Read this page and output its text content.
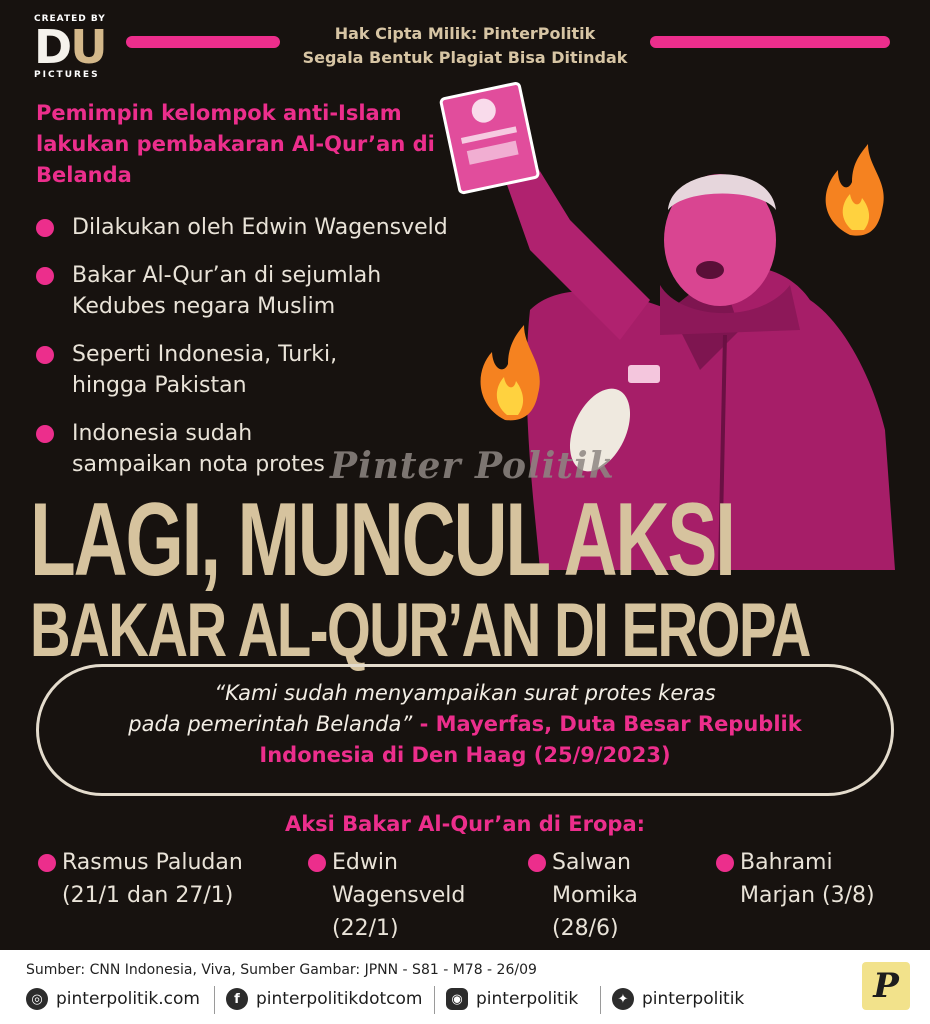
CREATED BY
DU
PICTURES
Hak Cipta Milik: PinterPolitik
Segala Bentuk Plagiat Bisa Ditindak
Pemimpin kelompok anti-Islam lakukan pembakaran Al-Qur’an di Belanda
Dilakukan oleh Edwin Wagensveld
Bakar Al-Qur’an di sejumlah
Kedubes negara Muslim
Seperti Indonesia, Turki,
hingga Pakistan
Indonesia sudah
sampaikan nota protes Pinter Politik
LAGI, MUNCUL AKSI
BAKAR AL-QUR’AN DI EROPA
“Kami sudah menyampaikan surat protes keras
pada pemerintah Belanda” - Mayerfas, Duta Besar Republik
Indonesia di Den Haag (25/9/2023)
Aksi Bakar Al-Qur’an di Eropa:
Rasmus Paludan
(21/1 dan 27/1)
Edwin
Wagensveld
(22/1)
Salwan
Momika
(28/6)
Bahrami
Marjan (3/8)
Sumber: CNN Indonesia, Viva, Sumber Gambar: JPNN - S81 - M78 - 26/09
◎ pinterpolitik.com	f pinterpolitikdotcom	◉ pinterpolitik	✦ pinterpolitik	P
